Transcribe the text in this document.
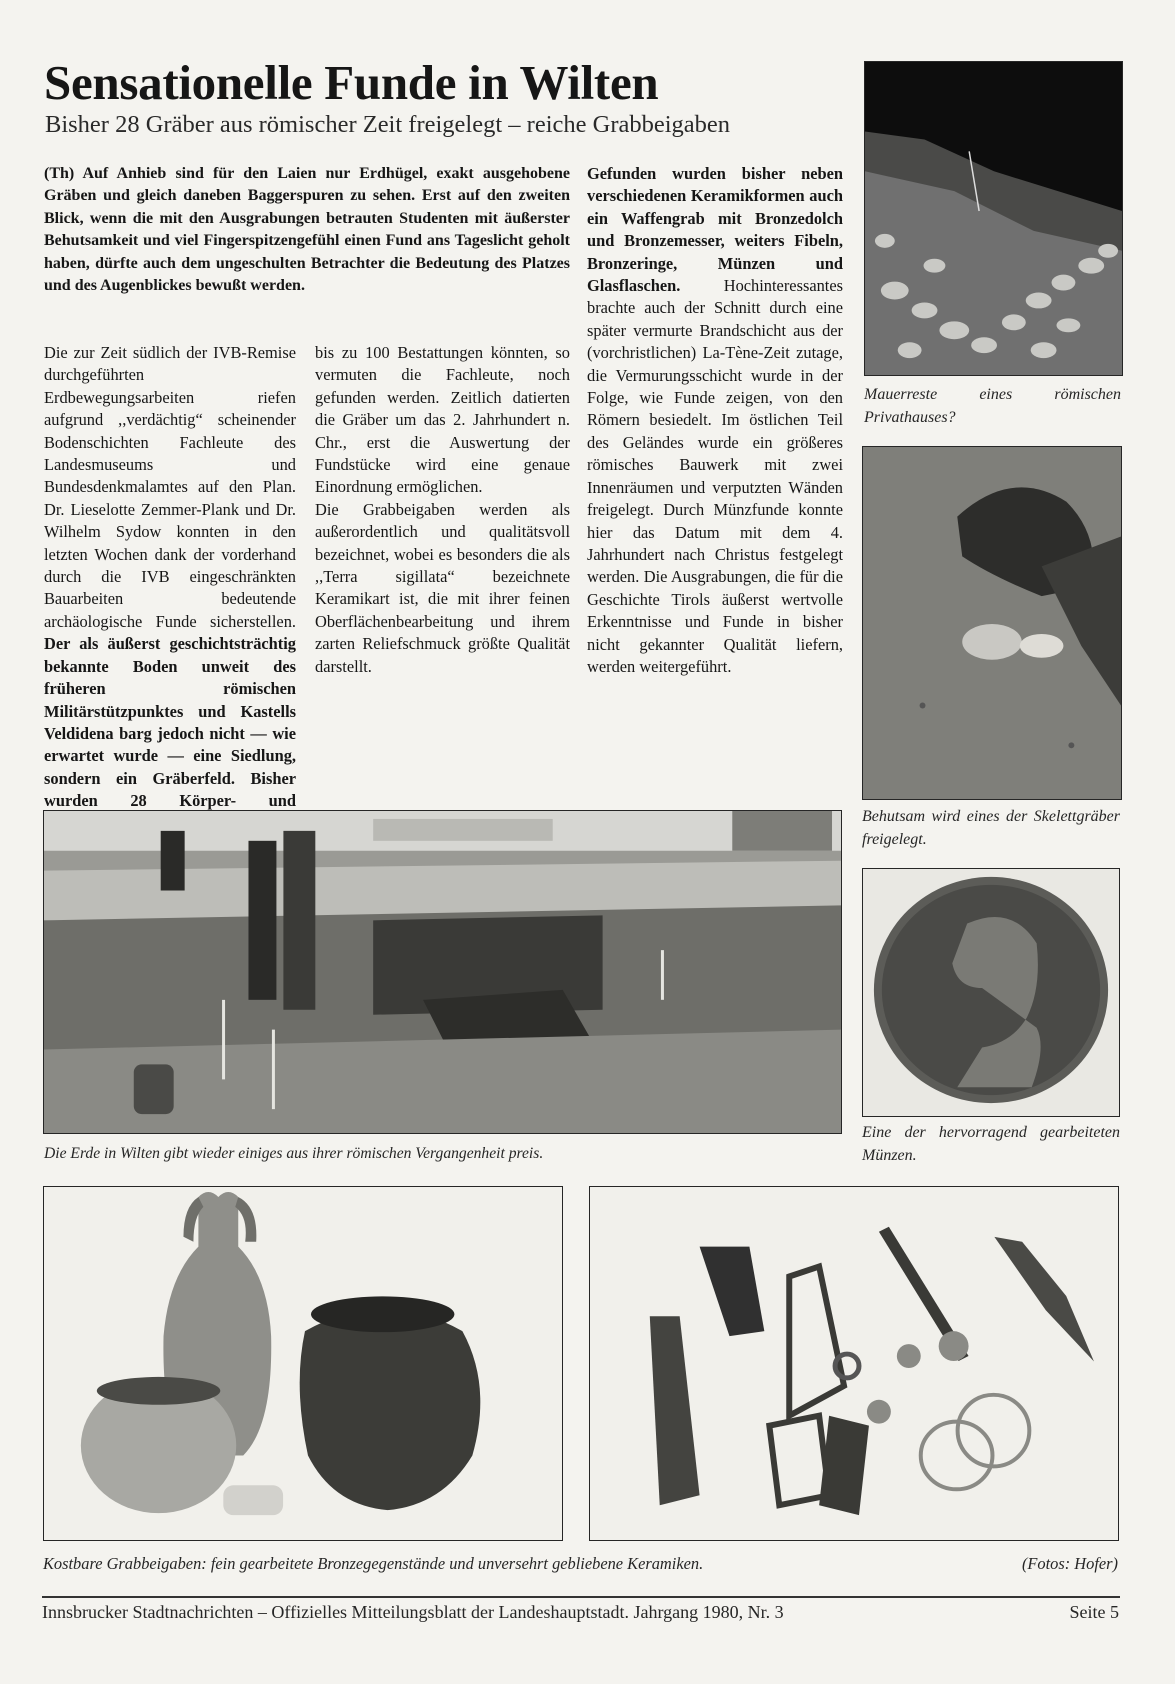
Sensationelle Funde in Wilten
Bisher 28 Gräber aus römischer Zeit freigelegt – reiche Grabbeigaben

(Th) Auf Anhieb sind für den Laien nur Erdhügel, exakt ausgehobene Gräben und gleich daneben Baggerspuren zu sehen. Erst auf den zweiten Blick, wenn die mit den Ausgrabungen betrauten Studenten mit äußerster Behutsamkeit und viel Fingerspitzengefühl einen Fund ans Tageslicht geholt haben, dürfte auch dem ungeschulten Betrachter die Bedeutung des Platzes und des Augenblickes bewußt werden.

Die zur Zeit südlich der IVB-Remise durchgeführten Erdbewegungsarbeiten riefen aufgrund ,,verdächtig“ scheinender Bodenschichten Fachleute des Landesmuseums und Bundesdenkmalamtes auf den Plan. Dr. Lieselotte Zemmer-Plank und Dr. Wilhelm Sydow konnten in den letzten Wochen dank der vorderhand durch die IVB eingeschränkten Bauarbeiten bedeutende archäologische Funde sicherstellen. Der als äußerst geschichtsträchtig bekannte Boden unweit des früheren römischen Militärstützpunktes und Kastells Veldidena barg jedoch nicht — wie erwartet wurde — eine Siedlung, sondern ein Gräberfeld. Bisher wurden 28 Körper- und
bis zu 100 Bestattungen könnten, so vermuten die Fachleute, noch gefunden werden. Zeitlich datierten die Gräber um das 2. Jahrhundert n. Chr., erst die Auswertung der Fundstücke wird eine genaue Einordnung ermöglichen.
Die Grabbeigaben werden als außerordentlich und qualitätsvoll bezeichnet, wobei es besonders die als ,,Terra sigillata“ bezeichnete Keramikart ist, die mit ihrer feinen Oberflächenbearbeitung und ihrem zarten Reliefschmuck größte Qualität darstellt.
Gefunden wurden bisher neben verschiedenen Keramikformen auch ein Waffengrab mit Bronzedolch und Bronzemesser, weiters Fibeln, Bronzeringe, Münzen und Glasflaschen.	Hochinteressantes brachte auch der Schnitt durch eine später vermurte Brandschicht aus der (vorchristlichen) La-Tène-Zeit zutage, die Vermurungsschicht wurde in der Folge, wie Funde zeigen, von den Römern besiedelt. Im östlichen Teil des Geländes wurde ein größeres römisches Bauwerk mit zwei Innenräumen und verputzten Wänden freigelegt. Durch Münzfunde konnte hier das Datum mit dem 4. Jahrhundert nach Christus festgelegt werden. Die Ausgrabungen, die für die Geschichte Tirols äußerst wertvolle Erkenntnisse und Funde in bisher nicht gekannter Qualität liefern, werden weitergeführt.
Mauerreste eines römischen Privathauses?
Behutsam wird eines der Skelettgräber freigelegt.
Eine der hervorragend gearbeiteten Münzen.
Die Erde in Wilten gibt wieder einiges aus ihrer römischen Vergangenheit preis.
Kostbare Grabbeigaben: fein gearbeitete Bronzegegenstände und unversehrt gebliebene Keramiken.	(Fotos: Hofer)
Innsbrucker Stadtnachrichten – Offizielles Mitteilungsblatt der Landeshauptstadt. Jahrgang 1980, Nr. 3	Seite 5
